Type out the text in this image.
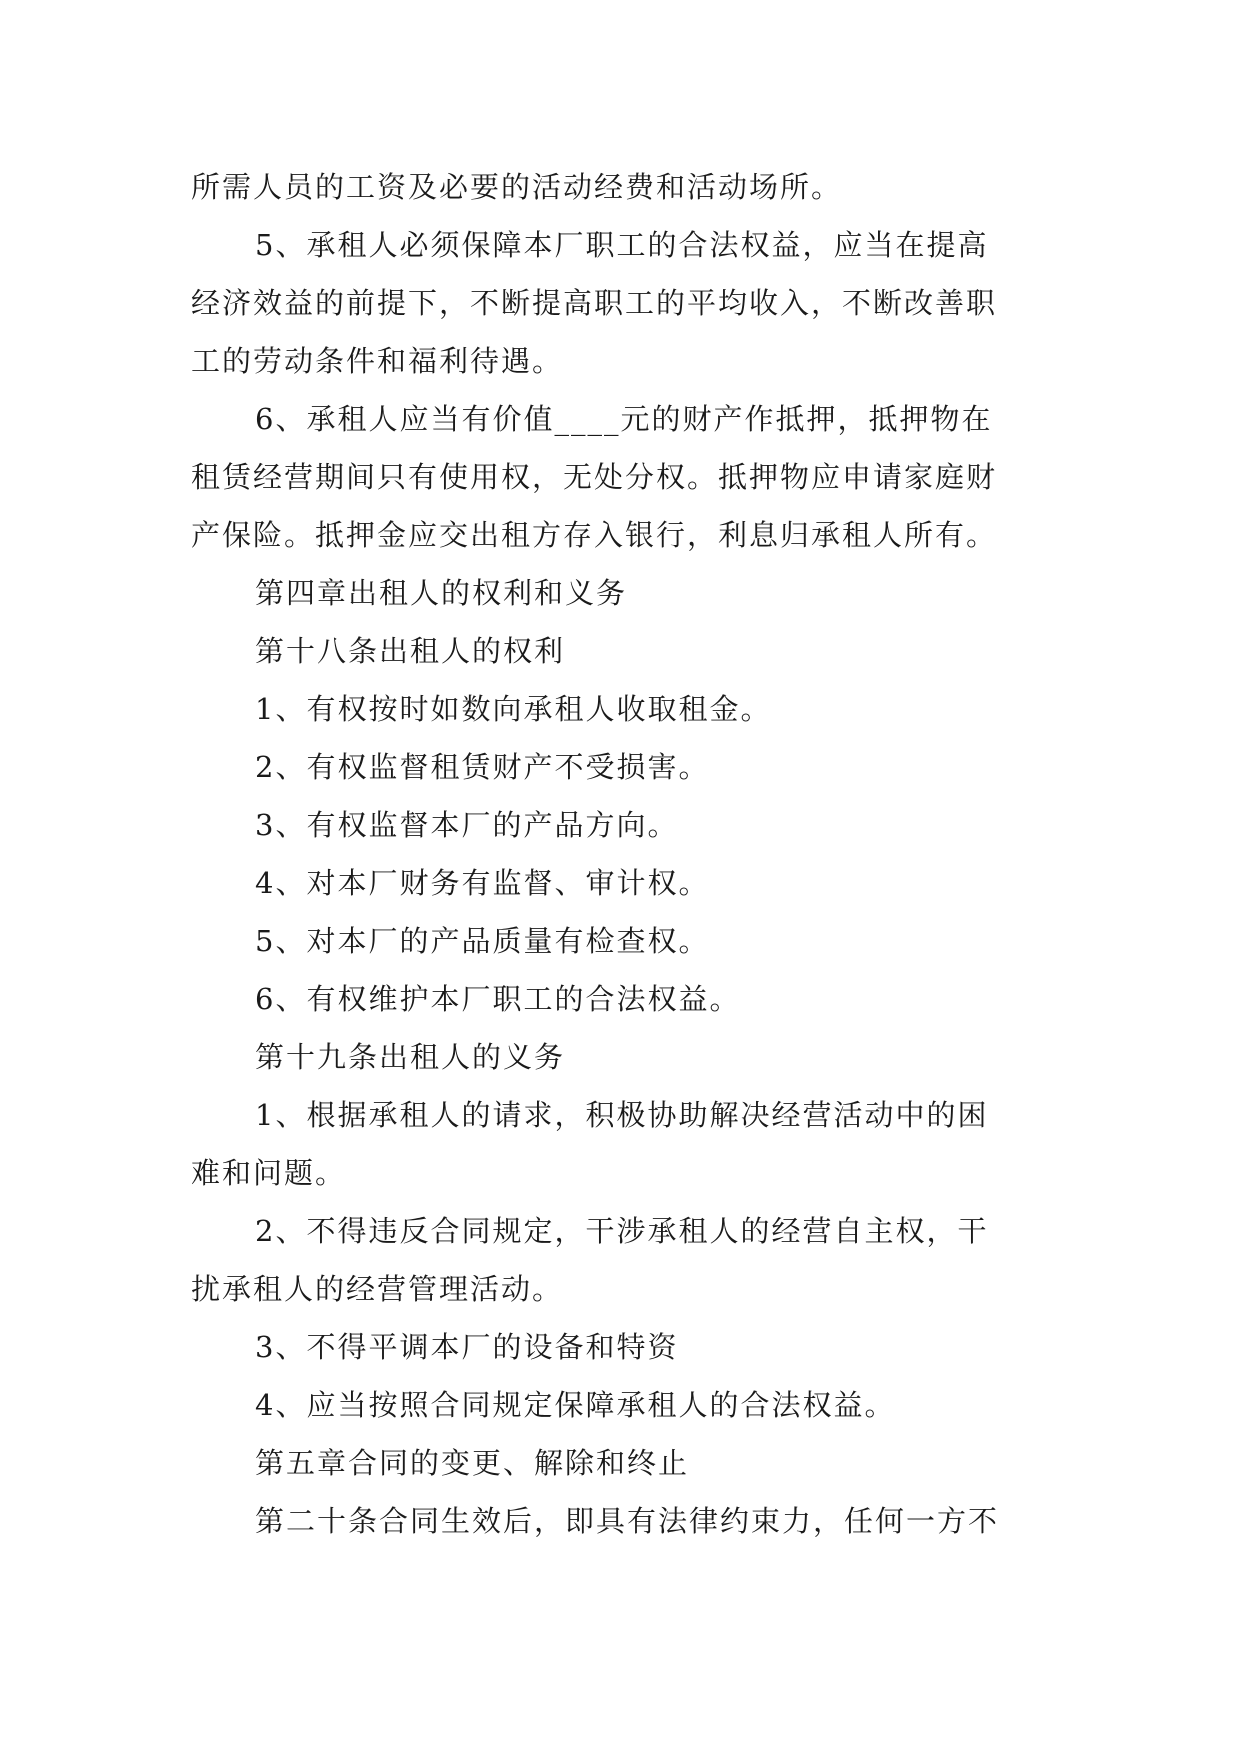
所需人员的工资及必要的活动经费和活动场所。
5、承租人必须保障本厂职工的合法权益，应当在提高
经济效益的前提下，不断提高职工的平均收入，不断改善职
工的劳动条件和福利待遇。
6、承租人应当有价值____元的财产作抵押，抵押物在
租赁经营期间只有使用权，无处分权。抵押物应申请家庭财
产保险。抵押金应交出租方存入银行，利息归承租人所有。
第四章出租人的权利和义务
第十八条出租人的权利
1、有权按时如数向承租人收取租金。
2、有权监督租赁财产不受损害。
3、有权监督本厂的产品方向。
4、对本厂财务有监督、审计权。
5、对本厂的产品质量有检查权。
6、有权维护本厂职工的合法权益。
第十九条出租人的义务
1、根据承租人的请求，积极协助解决经营活动中的困
难和问题。
2、不得违反合同规定，干涉承租人的经营自主权，干
扰承租人的经营管理活动。
3、不得平调本厂的设备和特资
4、应当按照合同规定保障承租人的合法权益。
第五章合同的变更、解除和终止
第二十条合同生效后，即具有法律约束力，任何一方不
